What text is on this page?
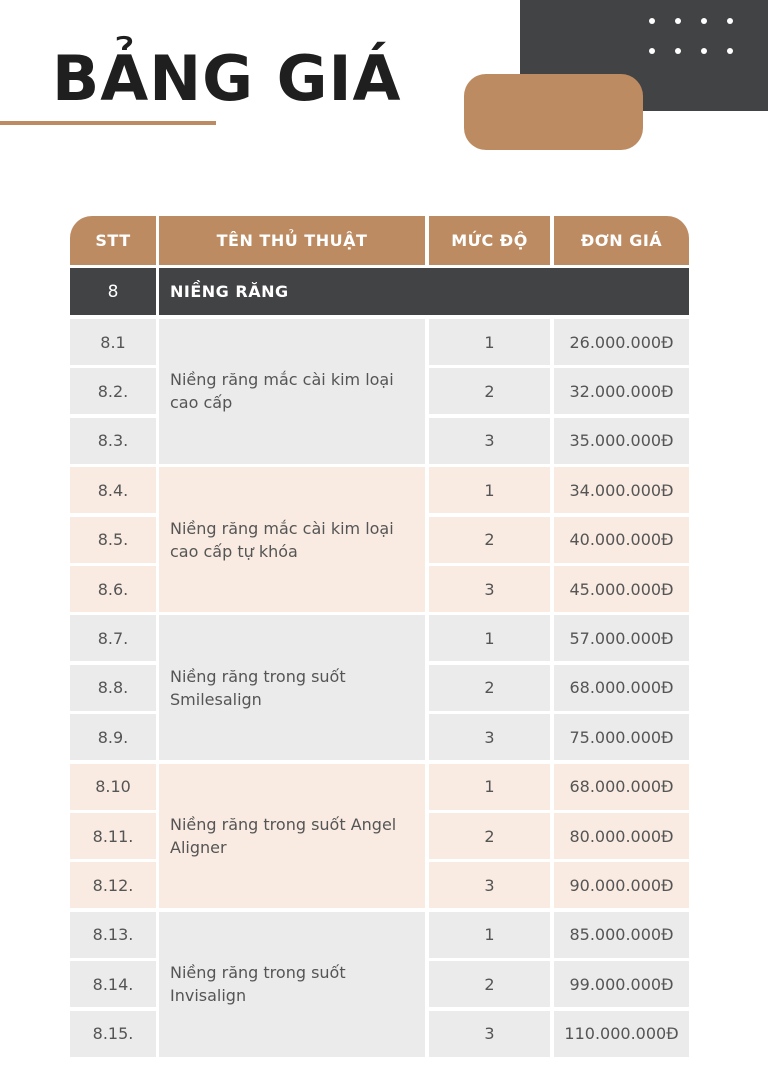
BẢNG GIÁ
STT	TÊN THỦ THUẬT	MỨC ĐỘ	ĐƠN GIÁ
8	NIỀNG RĂNG
Niềng răng mắc cài kim loại cao cấp
8.1	1	26.000.000Đ
8.2.	2	32.000.000Đ
8.3.	3	35.000.000Đ
Niềng răng mắc cài kim loại cao cấp tự khóa
8.4.	1	34.000.000Đ
8.5.	2	40.000.000Đ
8.6.	3	45.000.000Đ
Niềng răng trong suốt Smilesalign
8.7.	1	57.000.000Đ
8.8.	2	68.000.000Đ
8.9.	3	75.000.000Đ
Niềng răng trong suốt Angel Aligner
8.10	1	68.000.000Đ
8.11.	2	80.000.000Đ
8.12.	3	90.000.000Đ
Niềng răng trong suốt Invisalign
8.13.	1	85.000.000Đ
8.14.	2	99.000.000Đ
8.15.	3	110.000.000Đ
